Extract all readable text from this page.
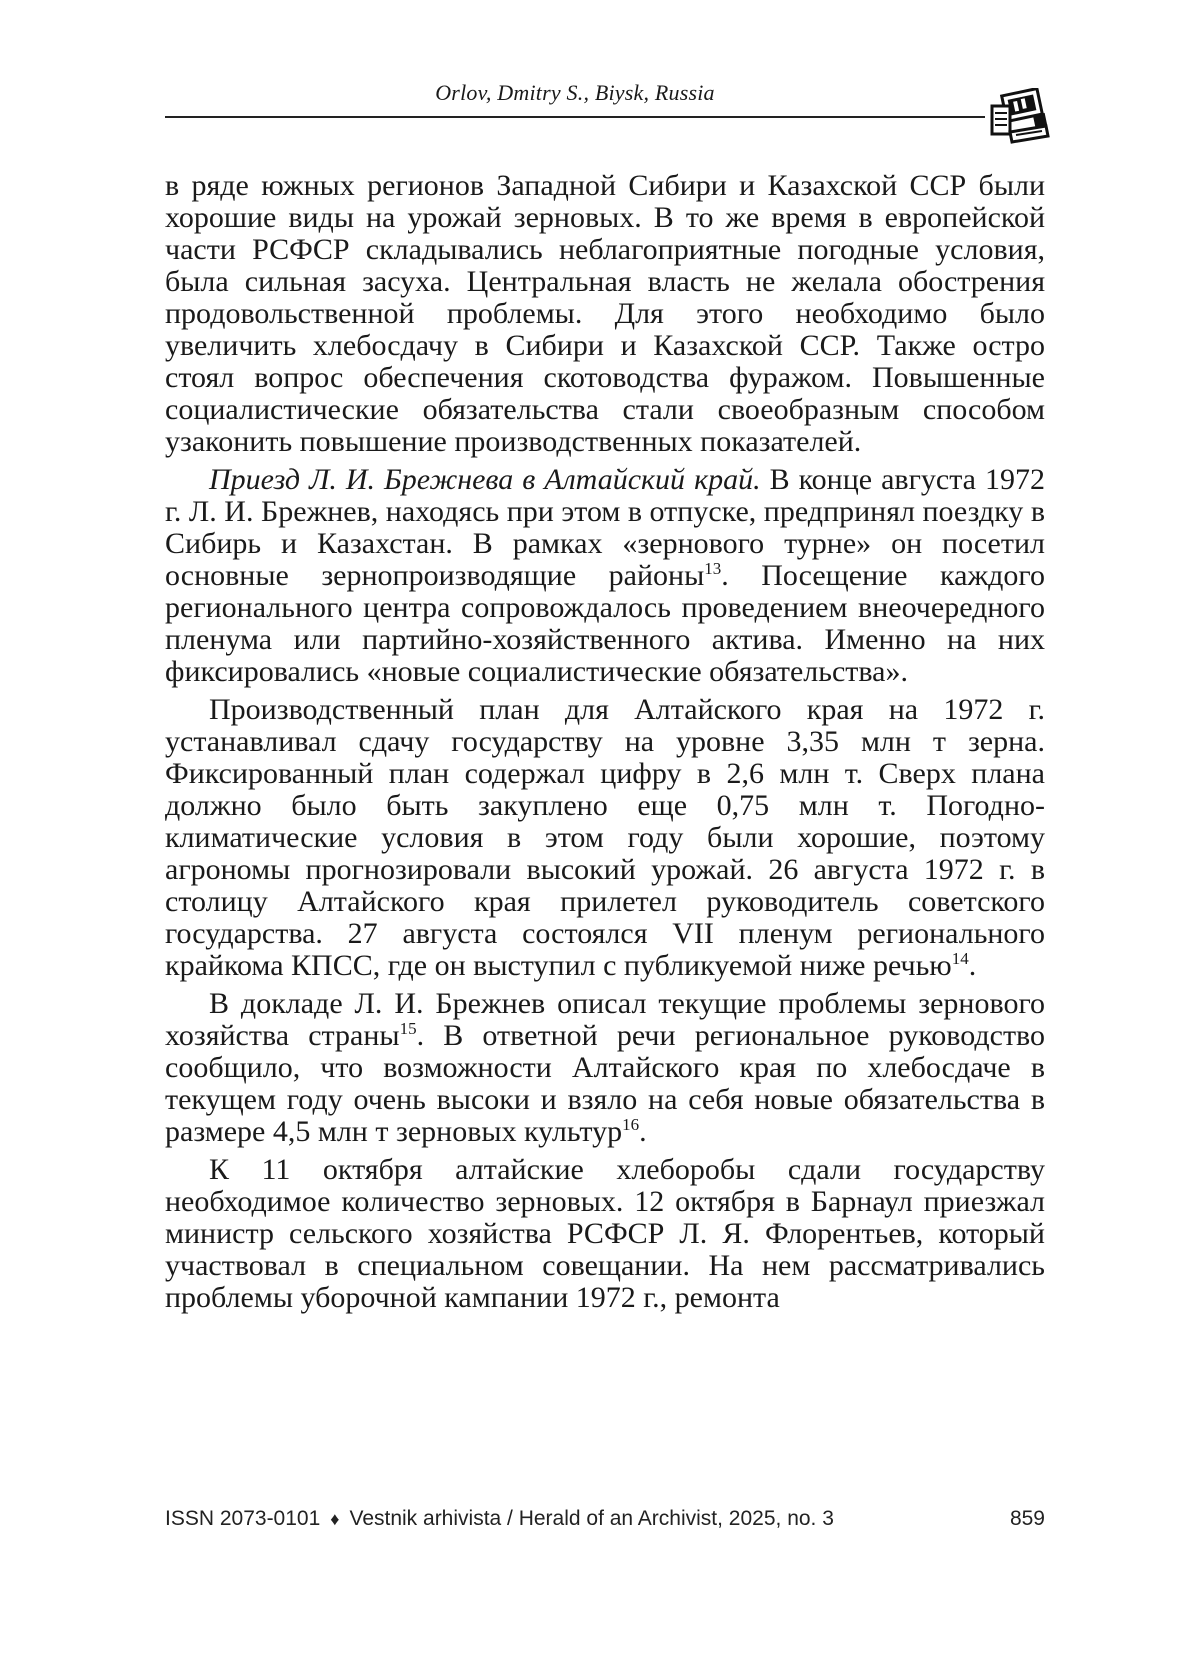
Orlov, Dmitry S., Biysk, Russia

в ряде южных регионов Западной Сибири и Казахской ССР были хорошие виды на урожай зерновых. В то же время в европейской части РСФСР складывались неблагоприятные погодные условия, была сильная засуха. Центральная власть не желала обострения продовольственной проблемы. Для этого необходимо было увеличить хлебосдачу в Сибири и Казахской ССР. Также остро стоял вопрос обеспечения скотоводства фуражом. Повышенные социалистические обязательства стали своеобразным способом узаконить повышение производственных показателей.

Приезд Л. И. Брежнева в Алтайский край. В конце августа 1972 г. Л. И. Брежнев, находясь при этом в отпуске, предпринял поездку в Сибирь и Казахстан. В рамках «зернового турне» он посетил основные зернопроизводящие районы$^{13}$. Посещение каждого регионального центра сопровождалось проведением внеочередного пленума или партийно-хозяйственного актива. Именно на них фиксировались «новые социалистические обязательства».

Производственный план для Алтайского края на 1972 г. устанавливал сдачу государству на уровне 3,35 млн т зерна. Фиксированный план содержал цифру в 2,6 млн т. Сверх плана должно было быть закуплено еще 0,75 млн т. Погодно-климатические условия в этом году были хорошие, поэтому агрономы прогнозировали высокий урожай. 26 августа 1972 г. в столицу Алтайского края прилетел руководитель советского государства. 27 августа состоялся VII пленум регионального крайкома КПСС, где он выступил с публикуемой ниже речью$^{14}$.

В докладе Л. И. Брежнев описал текущие проблемы зернового хозяйства страны$^{15}$. В ответной речи региональное руководство сообщило, что возможности Алтайского края по хлебосдаче в текущем году очень высоки и взяло на себя новые обязательства в размере 4,5 млн т зерновых культур$^{16}$.

К 11 октября алтайские хлеборобы сдали государству необходимое количество зерновых. 12 октября в Барнаул приезжал министр сельского хозяйства РСФСР Л. Я. Флорентьев, который участвовал в специальном совещании. На нем рассматривались проблемы уборочной кампании 1972 г., ремонта

ISSN 2073-0101 ♦ Vestnik arhivista / Herald of an Archivist, 2025, no. 3	859
